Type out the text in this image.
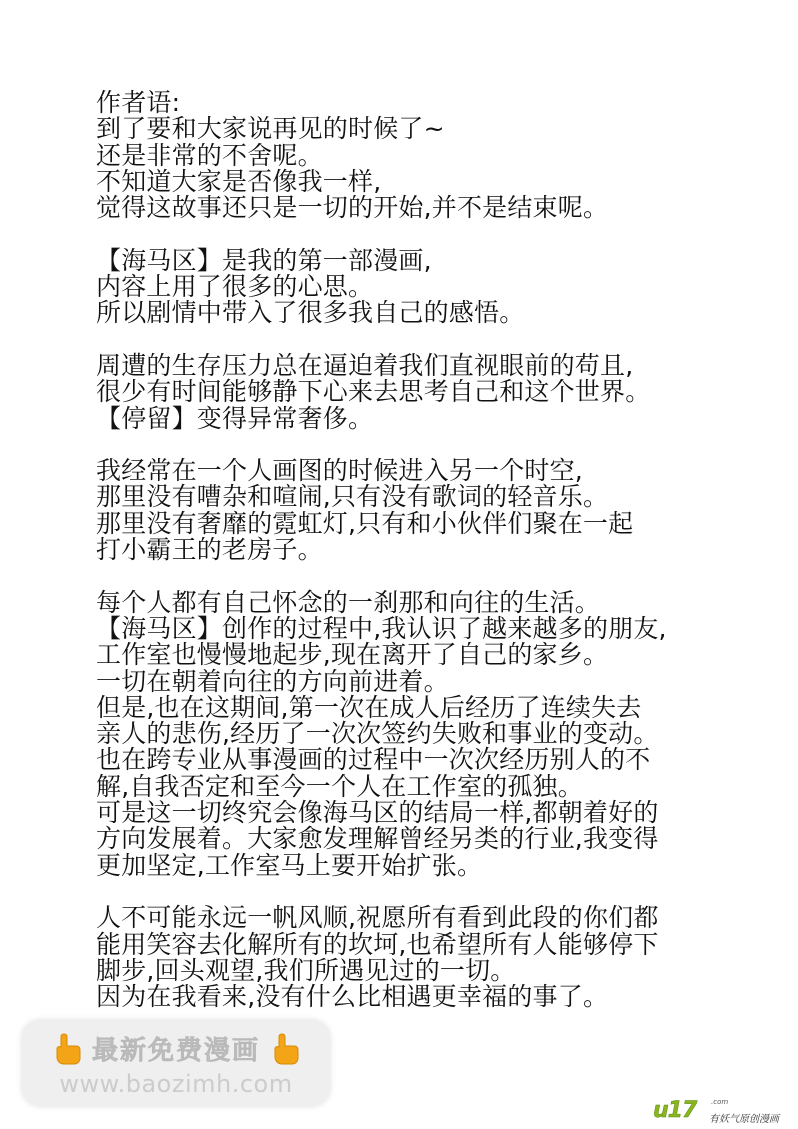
作者语:
到了要和大家说再见的时候了~
还是非常的不舍呢。
不知道大家是否像我一样,
觉得这故事还只是一切的开始,并不是结束呢。
【海马区】是我的第一部漫画,
内容上用了很多的心思。
所以剧情中带入了很多我自己的感悟。
周遭的生存压力总在逼迫着我们直视眼前的苟且,
很少有时间能够静下心来去思考自己和这个世界。
【停留】变得异常奢侈。
我经常在一个人画图的时候进入另一个时空,
那里没有嘈杂和喧闹,只有没有歌词的轻音乐。
那里没有奢靡的霓虹灯,只有和小伙伴们聚在一起
打小霸王的老房子。
每个人都有自己怀念的一刹那和向往的生活。
【海马区】创作的过程中,我认识了越来越多的朋友,
工作室也慢慢地起步,现在离开了自己的家乡。
一切在朝着向往的方向前进着。
但是,也在这期间,第一次在成人后经历了连续失去
亲人的悲伤,经历了一次次签约失败和事业的变动。
也在跨专业从事漫画的过程中一次次经历别人的不
解,自我否定和至今一个人在工作室的孤独。
可是这一切终究会像海马区的结局一样,都朝着好的
方向发展着。大家愈发理解曾经另类的行业,我变得
更加坚定,工作室马上要开始扩张。
人不可能永远一帆风顺,祝愿所有看到此段的你们都
能用笑容去化解所有的坎坷,也希望所有人能够停下
脚步,回头观望,我们所遇见过的一切。
因为在我看来,没有什么比相遇更幸福的事了。
最新免费漫画
www.baozimh.com
u17 .com
有妖气原创漫画
